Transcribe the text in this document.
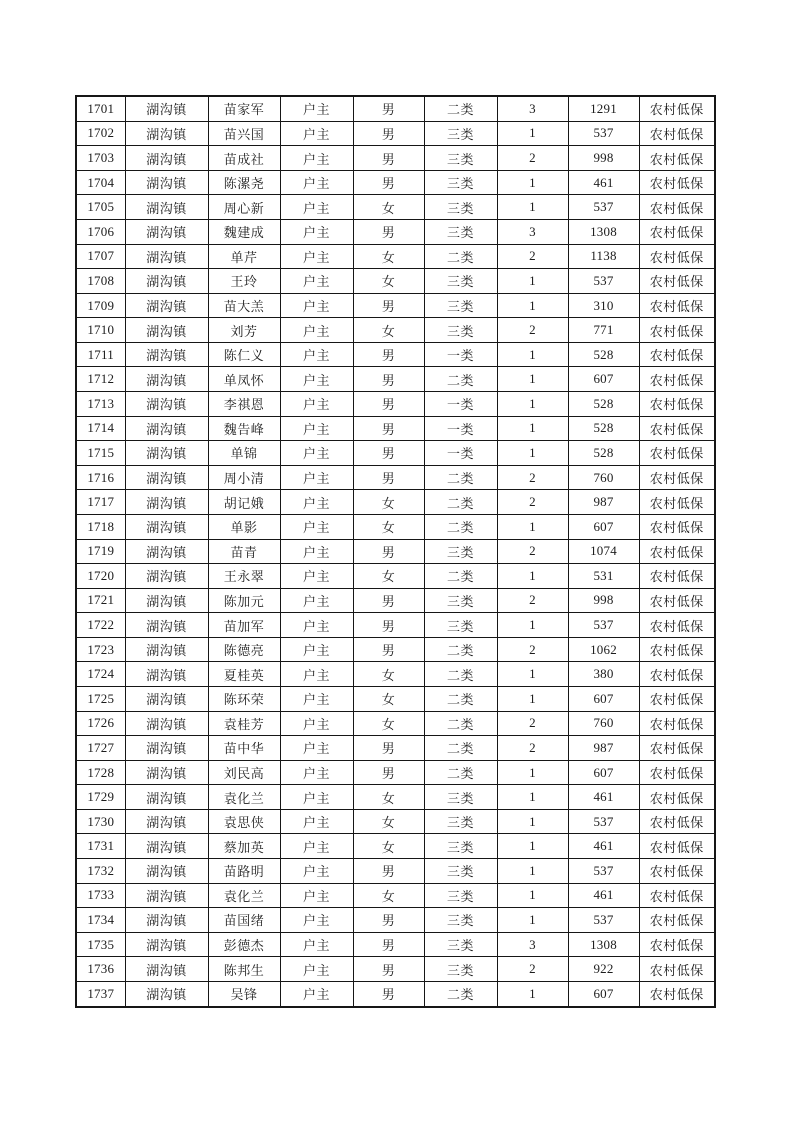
1701	湖沟镇	苗家军	户主	男	二类	3	1291	农村低保
1702	湖沟镇	苗兴国	户主	男	三类	1	537	农村低保
1703	湖沟镇	苗成社	户主	男	三类	2	998	农村低保
1704	湖沟镇	陈漯尧	户主	男	三类	1	461	农村低保
1705	湖沟镇	周心新	户主	女	三类	1	537	农村低保
1706	湖沟镇	魏建成	户主	男	三类	3	1308	农村低保
1707	湖沟镇	单芹	户主	女	二类	2	1138	农村低保
1708	湖沟镇	王玲	户主	女	三类	1	537	农村低保
1709	湖沟镇	苗大羔	户主	男	三类	1	310	农村低保
1710	湖沟镇	刘芳	户主	女	三类	2	771	农村低保
1711	湖沟镇	陈仁义	户主	男	一类	1	528	农村低保
1712	湖沟镇	单凤怀	户主	男	二类	1	607	农村低保
1713	湖沟镇	李祺恩	户主	男	一类	1	528	农村低保
1714	湖沟镇	魏告峰	户主	男	一类	1	528	农村低保
1715	湖沟镇	单锦	户主	男	一类	1	528	农村低保
1716	湖沟镇	周小清	户主	男	二类	2	760	农村低保
1717	湖沟镇	胡记娥	户主	女	二类	2	987	农村低保
1718	湖沟镇	单影	户主	女	二类	1	607	农村低保
1719	湖沟镇	苗青	户主	男	三类	2	1074	农村低保
1720	湖沟镇	王永翠	户主	女	二类	1	531	农村低保
1721	湖沟镇	陈加元	户主	男	三类	2	998	农村低保
1722	湖沟镇	苗加军	户主	男	三类	1	537	农村低保
1723	湖沟镇	陈德亮	户主	男	二类	2	1062	农村低保
1724	湖沟镇	夏桂英	户主	女	二类	1	380	农村低保
1725	湖沟镇	陈环荣	户主	女	二类	1	607	农村低保
1726	湖沟镇	袁桂芳	户主	女	二类	2	760	农村低保
1727	湖沟镇	苗中华	户主	男	二类	2	987	农村低保
1728	湖沟镇	刘民高	户主	男	二类	1	607	农村低保
1729	湖沟镇	袁化兰	户主	女	三类	1	461	农村低保
1730	湖沟镇	袁思侠	户主	女	三类	1	537	农村低保
1731	湖沟镇	蔡加英	户主	女	三类	1	461	农村低保
1732	湖沟镇	苗路明	户主	男	三类	1	537	农村低保
1733	湖沟镇	袁化兰	户主	女	三类	1	461	农村低保
1734	湖沟镇	苗国绪	户主	男	三类	1	537	农村低保
1735	湖沟镇	彭德杰	户主	男	三类	3	1308	农村低保
1736	湖沟镇	陈邦生	户主	男	三类	2	922	农村低保
1737	湖沟镇	吴锋	户主	男	二类	1	607	农村低保
